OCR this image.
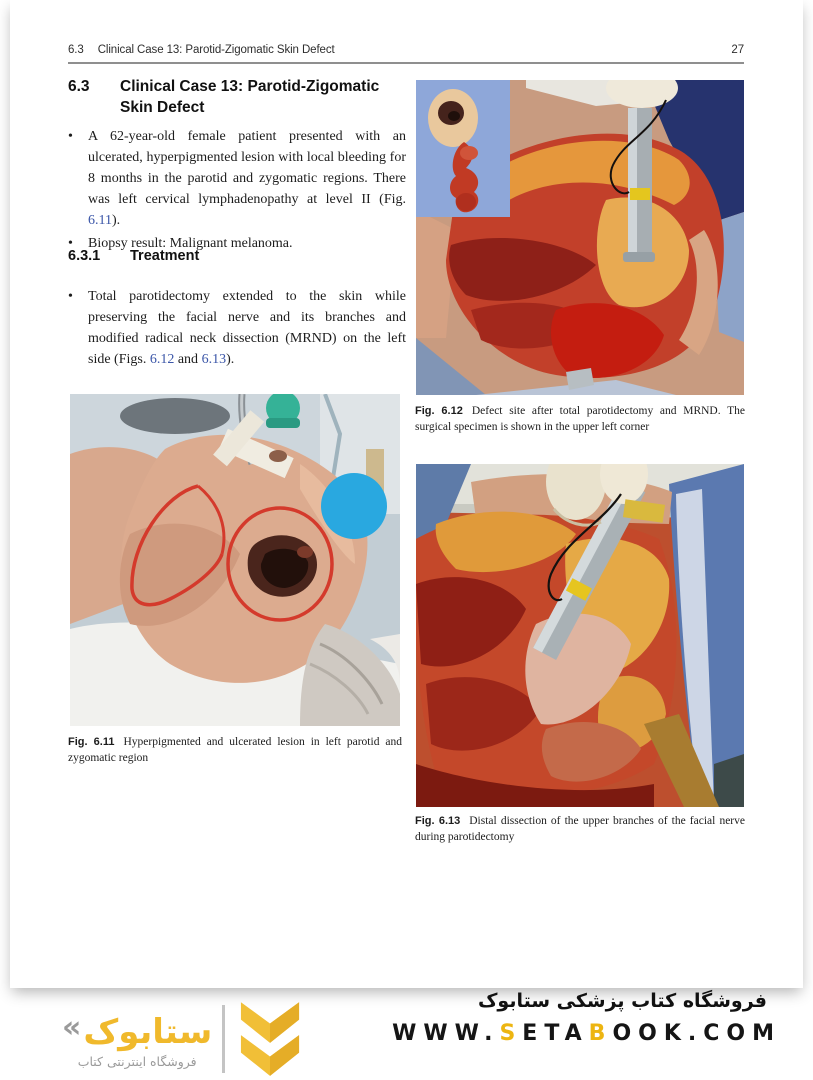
6.3 Clinical Case 13: Parotid-Zigomatic Skin Defect	27
6.3	Clinical Case 13: Parotid-Zigomatic Skin Defect
•	A 62-year-old female patient presented with an ulcerated, hyperpigmented lesion with local bleeding for 8 months in the parotid and zygomatic regions. There was left cervical lymphadenopathy at level II (Fig. 6.11).
•	Biopsy result: Malignant melanoma.
6.3.1	Treatment
•	Total parotidectomy extended to the skin while preserving the facial nerve and its branches and modified radical neck dissection (MRND) on the left side (Figs. 6.12 and 6.13).
Fig. 6.12 Defect site after total parotidectomy and MRND. The surgical specimen is shown in the upper left corner
Fig. 6.11 Hyperpigmented and ulcerated lesion in left parotid and zygomatic region
Fig. 6.13 Distal dissection of the upper branches of the facial nerve during parotidectomy
فروشگاه کتاب پزشکی ستابوک
WWW.SETABOOK.COM
«ستابوک
فروشگاه اینترنتی کتاب
